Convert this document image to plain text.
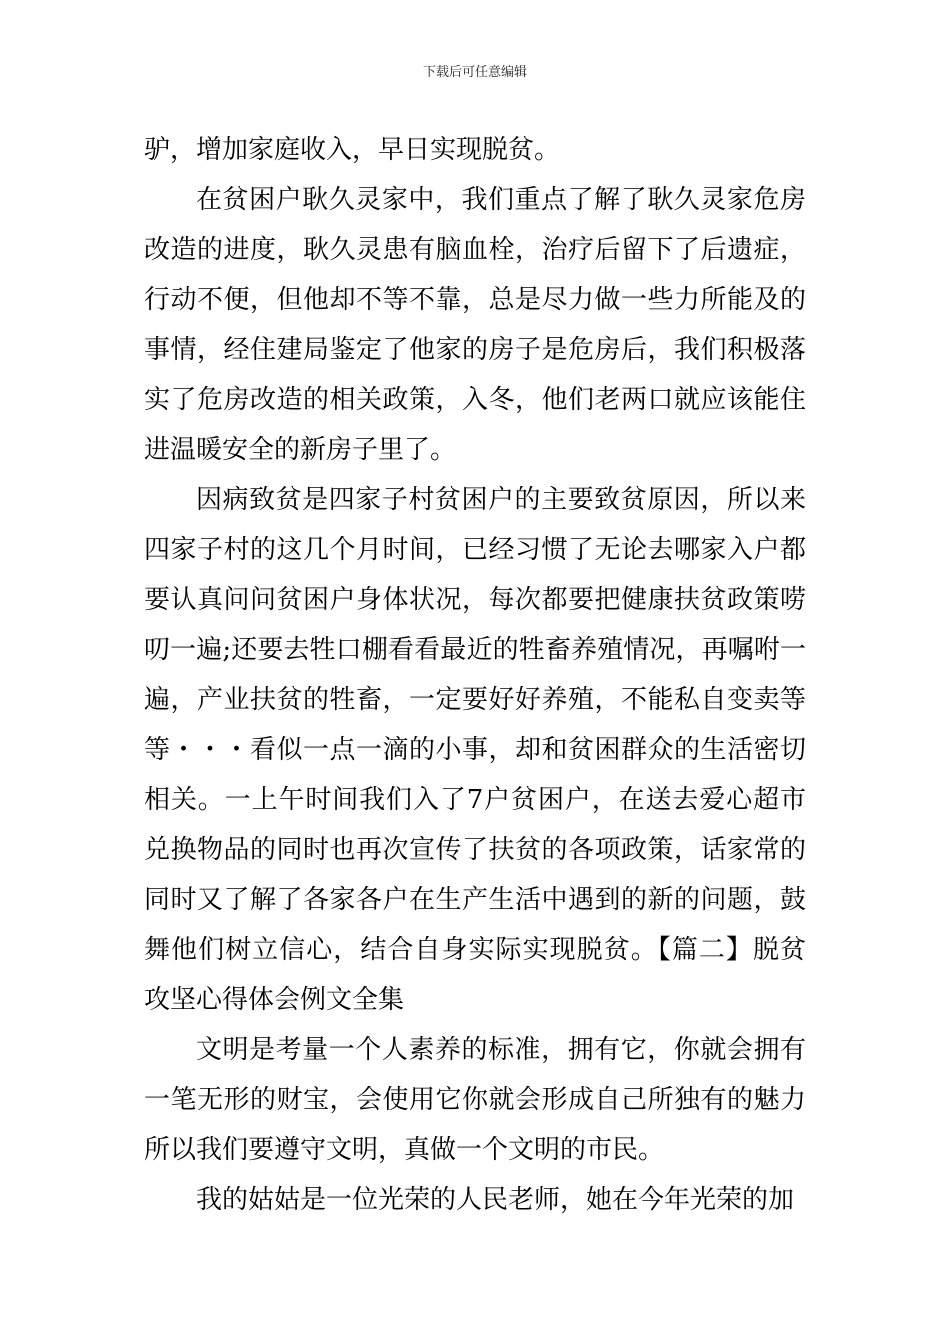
下载后可任意编辑

驴，增加家庭收入，早日实现脱贫。

在贫困户耿久灵家中，我们重点了解了耿久灵家危房改造的进度，耿久灵患有脑血栓，治疗后留下了后遗症，行动不便，但他却不等不靠，总是尽力做一些力所能及的事情，经住建局鉴定了他家的房子是危房后，我们积极落实了危房改造的相关政策，入冬，他们老两口就应该能住进温暖安全的新房子里了。

因病致贫是四家子村贫困户的主要致贫原因，所以来四家子村的这几个月时间，已经习惯了无论去哪家入户都要认真问问贫困户身体状况，每次都要把健康扶贫政策唠叨一遍;还要去牲口棚看看最近的牲畜养殖情况，再嘱咐一遍，产业扶贫的牲畜，一定要好好养殖，不能私自变卖等等・・・看似一点一滴的小事，却和贫困群众的生活密切相关。一上午时间我们入了7户贫困户，在送去爱心超市兑换物品的同时也再次宣传了扶贫的各项政策，话家常的同时又了解了各家各户在生产生活中遇到的新的问题，鼓舞他们树立信心，结合自身实际实现脱贫。【篇二】脱贫攻坚心得体会例文全集

文明是考量一个人素养的标准，拥有它，你就会拥有一笔无形的财宝，会使用它你就会形成自己所独有的魅力所以我们要遵守文明，真做一个文明的市民。

我的姑姑是一位光荣的人民老师，她在今年光荣的加
